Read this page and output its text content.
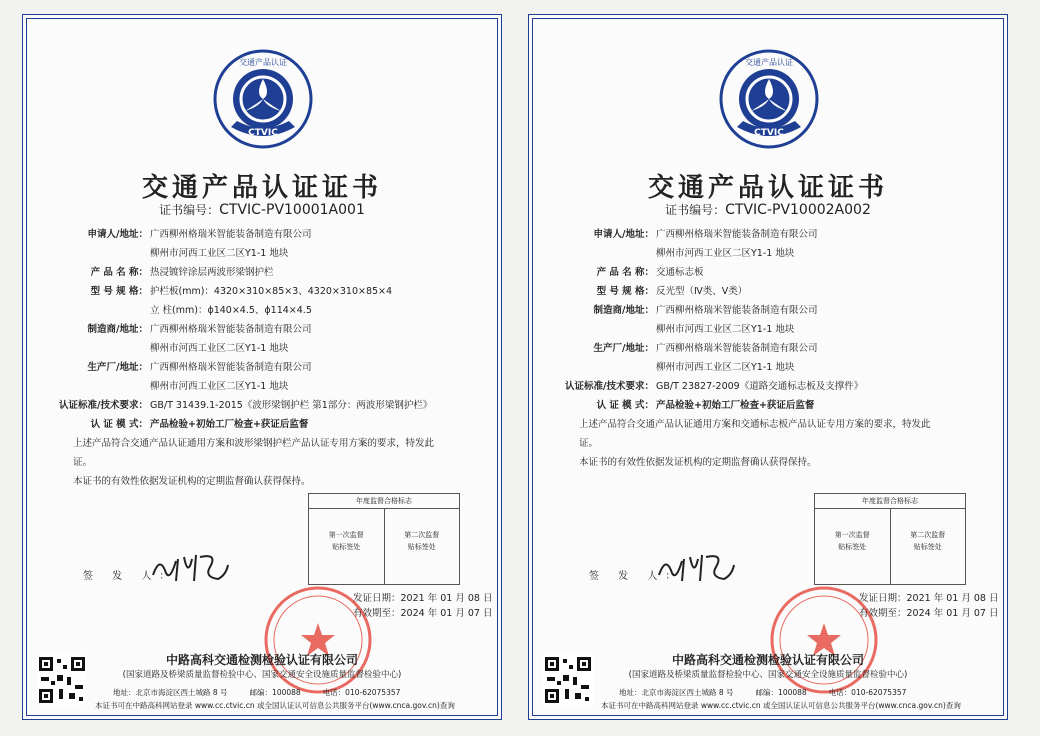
CTVIC
交通产品认证
交通产品认证证书
证书编号：CTVIC-PV10001A001
申请人/地址： 广西柳州格瑞米智能装备制造有限公司
柳州市河西工业区二区Y1-1 地块
产 品 名 称： 热浸镀锌涂层两波形梁钢护栏
型 号 规 格： 护栏板(mm)：4320×310×85×3、4320×310×85×4
立 柱(mm)：ϕ140×4.5、ϕ114×4.5
制造商/地址： 广西柳州格瑞米智能装备制造有限公司
柳州市河西工业区二区Y1-1 地块
生产厂/地址： 广西柳州格瑞米智能装备制造有限公司
柳州市河西工业区二区Y1-1 地块
认证标准/技术要求： GB/T 31439.1-2015《波形梁钢护栏 第1部分：两波形梁钢护栏》
认 证 模 式： 产品检验+初始工厂检查+获证后监督
上述产品符合交通产品认证通用方案和波形梁钢护栏产品认证专用方案的要求，特发此
证。
本证书的有效性依据发证机构的定期监督确认获得保持。
年度监督合格标志
第一次监督
贴标签处
第二次监督
贴标签处
签 发 人：
发证日期：2021 年 01 月 08 日
有效期至：2024 年 01 月 07 日
中路高科交通检测检验认证有限公司
(国家道路及桥梁质量监督检验中心、国家交通安全设施质量监督检验中心)
地址：北京市海淀区西土城路 8 号	邮编：100088	电话：010-62075357
本证书可在中路高科网站登录 www.cc.ctvic.cn 或全国认证认可信息公共服务平台(www.cnca.gov.cn)查询
CTVIC
交通产品认证
交通产品认证证书
证书编号：CTVIC-PV10002A002
申请人/地址： 广西柳州格瑞米智能装备制造有限公司
柳州市河西工业区二区Y1-1 地块
产 品 名 称： 交通标志板
型 号 规 格： 反光型（Ⅳ类、Ⅴ类）
制造商/地址： 广西柳州格瑞米智能装备制造有限公司
柳州市河西工业区二区Y1-1 地块
生产厂/地址： 广西柳州格瑞米智能装备制造有限公司
柳州市河西工业区二区Y1-1 地块
认证标准/技术要求： GB/T 23827-2009《道路交通标志板及支撑件》
认 证 模 式： 产品检验+初始工厂检查+获证后监督
上述产品符合交通产品认证通用方案和交通标志板产品认证专用方案的要求，特发此
证。
本证书的有效性依据发证机构的定期监督确认获得保持。
年度监督合格标志
第一次监督
贴标签处
第二次监督
贴标签处
签 发 人：
发证日期：2021 年 01 月 08 日
有效期至：2024 年 01 月 07 日
中路高科交通检测检验认证有限公司
(国家道路及桥梁质量监督检验中心、国家交通安全设施质量监督检验中心)
地址：北京市海淀区西土城路 8 号	邮编：100088	电话：010-62075357
本证书可在中路高科网站登录 www.cc.ctvic.cn 或全国认证认可信息公共服务平台(www.cnca.gov.cn)查询
